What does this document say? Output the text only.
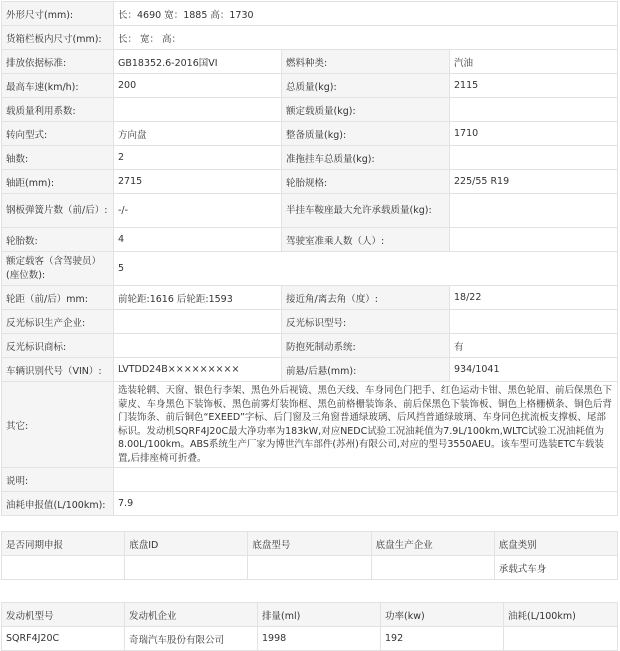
外形尺寸(mm):	长：4690 宽：1885 高：1730		
货箱栏板内尺寸(mm):	长： 宽： 高：		
排放依据标准:	GB18352.6-2016国VI	燃料种类:	汽油
最高车速(km/h):	200	总质量(kg):	2115
载质量利用系数:		额定载质量(kg):	
转向型式:	方向盘	整备质量(kg):	1710
轴数:	2	准拖挂车总质量(kg):	
轴距(mm):	2715	轮胎规格:	225/55 R19
钢板弹簧片数（前/后）:	-/-	半挂车鞍座最大允许承载质量(kg):	
轮胎数:	4	驾驶室准乘人数（人）:	
额定载客（含驾驶员）(座位数):	5		
轮距（前/后）mm:	前轮距:1616 后轮距:1593	接近角/离去角（度）:	18/22
反光标识生产企业:		反光标识型号:	
反光标识商标:		防抱死制动系统:	有
车辆识别代号（VIN）:	LVTDD24B×××××××××	前悬/后悬(mm):	934/1041
其它:	选装轮辋、天窗、银色行李架、黑色外后视镜、黑色天线、车身同色门把手、红色运动卡钳、黑色轮眉、前后保黑色下蒙皮、车身黑色下装饰板、黑色前雾灯装饰框、黑色前格栅装饰条、前后保黑色下装饰板、铜色上格栅横条、铜色后背门装饰条、前后铜色“EXEED”字标、后门窗及三角窗普通绿玻璃、后风挡普通绿玻璃、车身同色扰流板支撑板、尾部标识。发动机SQRF4J20C最大净功率为183kW,对应NEDC试验工况油耗值为7.9L/100km,WLTC试验工况油耗值为8.00L/100km。ABS系统生产厂家为博世汽车部件(苏州)有限公司,对应的型号3550AEU。该车型可选装ETC车载装置,后排座椅可折叠。		
说明:			
油耗申报值(L/100km):	7.9		
是否同期申报	底盘ID	底盘型号	底盘生产企业	底盘类别
				承载式车身
发动机型号	发动机企业	排量(ml)	功率(kw)	油耗(L/100km)
SQRF4J20C	奇瑞汽车股份有限公司	1998	192	
